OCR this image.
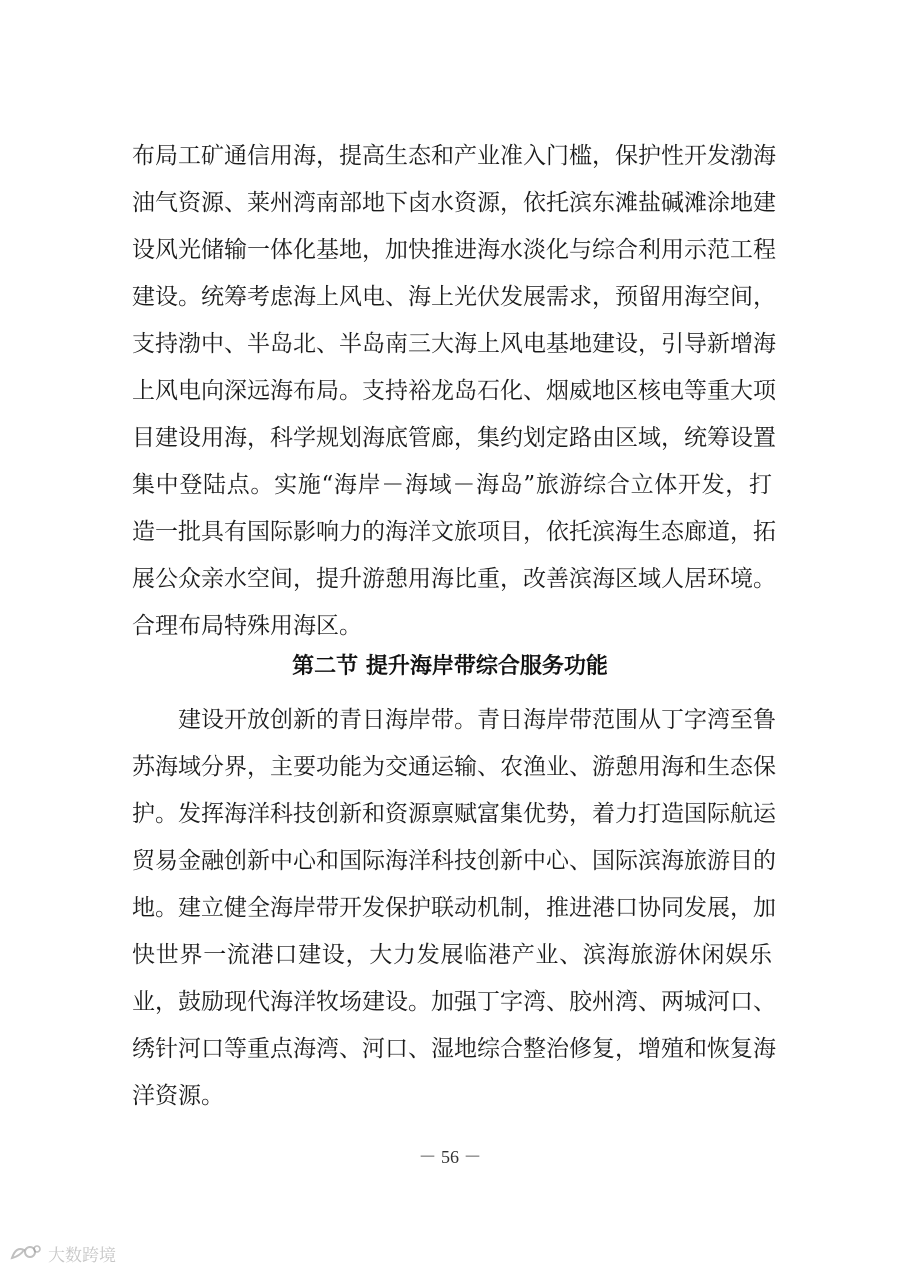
布局工矿通信用海，提高生态和产业准入门槛，保护性开发渤海
油气资源、莱州湾南部地下卤水资源，依托滨东滩盐碱滩涂地建
设风光储输一体化基地，加快推进海水淡化与综合利用示范工程
建设。统筹考虑海上风电、海上光伏发展需求，预留用海空间，
支持渤中、半岛北、半岛南三大海上风电基地建设，引导新增海
上风电向深远海布局。支持裕龙岛石化、烟威地区核电等重大项
目建设用海，科学规划海底管廊，集约划定路由区域，统筹设置
集中登陆点。实施“海岸－海域－海岛”旅游综合立体开发，打
造一批具有国际影响力的海洋文旅项目，依托滨海生态廊道，拓
展公众亲水空间，提升游憩用海比重，改善滨海区域人居环境。
合理布局特殊用海区。
第二节 提升海岸带综合服务功能
建设开放创新的青日海岸带。青日海岸带范围从丁字湾至鲁
苏海域分界，主要功能为交通运输、农渔业、游憩用海和生态保
护。发挥海洋科技创新和资源禀赋富集优势，着力打造国际航运
贸易金融创新中心和国际海洋科技创新中心、国际滨海旅游目的
地。建立健全海岸带开发保护联动机制，推进港口协同发展，加
快世界一流港口建设，大力发展临港产业、滨海旅游休闲娱乐
业，鼓励现代海洋牧场建设。加强丁字湾、胶州湾、两城河口、
绣针河口等重点海湾、河口、湿地综合整治修复，增殖和恢复海
洋资源。
－ 56 －
大数跨境
